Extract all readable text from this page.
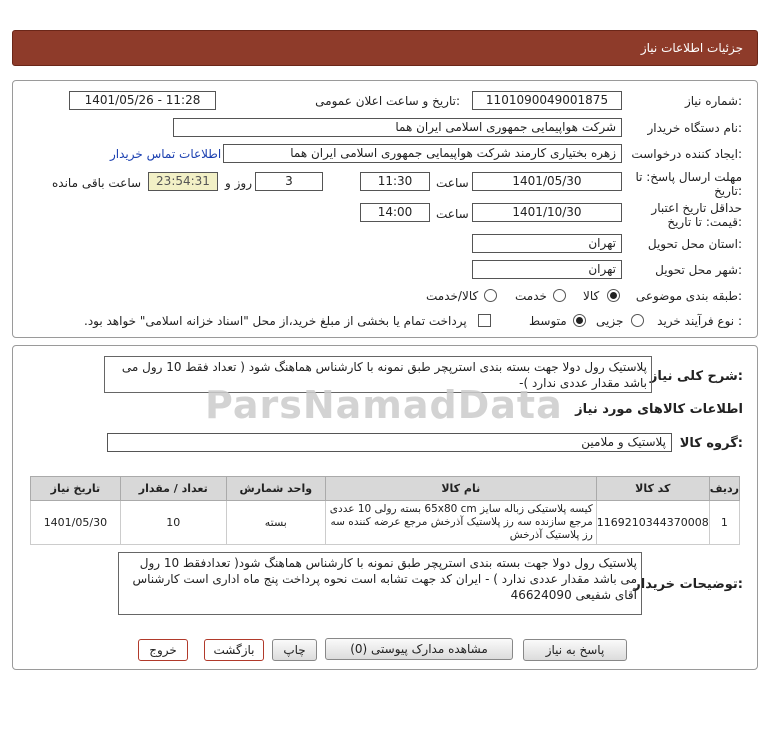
جزئیات اطلاعات نیاز
شماره نیاز:
1101090049001875
تاریخ و ساعت اعلان عمومی:
1401/05/26 - 11:28
نام دستگاه خریدار:
شرکت هواپیمایی جمهوری اسلامی ایران هما
ایجاد کننده درخواست:
زهره بختیاری کارمند شرکت هواپیمایی جمهوری اسلامی ایران هما
اطلاعات تماس خریدار
مهلت ارسال پاسخ: تا
تاریخ:
1401/05/30
ساعت
11:30
3
روز و
23:54:31
ساعت باقی مانده
حداقل تاریخ اعتبار
قیمت: تا تاریخ:
1401/10/30
ساعت
14:00
استان محل تحویل:
تهران
شهر محل تحویل:
تهران
طبقه بندی موضوعی:
کالا
خدمت
کالا/خدمت
نوع فرآیند خرید :
جزیی
متوسط
پرداخت تمام یا بخشی از مبلغ خرید،از محل "اسناد خزانه اسلامی" خواهد بود.
شرح کلی نیاز:
پلاستیک رول دولا جهت بسته بندی استرپچر طبق نمونه با کارشناس هماهنگ شود ( تعداد فقط 10 رول می باشد مقدار عددی ندارد )-
ParsNamadData اطلاعات کالاهای مورد نیاز
گروه کالا:
پلاستیک و ملامین
ردیف	کد کالا	نام کالا	واحد شمارش	تعداد / مقدار	تاریخ نیاز
1	1169210344370008	کیسه پلاستیکی زباله سایز 65x80 cm بسته رولی 10 عددی مرجع سازنده سه رز پلاستیک آذرخش مرجع عرضه کننده سه رز پلاستیک آذرخش	بسته	10	1401/05/30
توضیحات خریدار:
پلاستیک رول دولا جهت بسته بندی استرپچر طبق نمونه با کارشناس هماهنگ شود( تعدادفقط 10 رول می باشد مقدار عددی ندارد ) - ایران کد جهت تشابه است نحوه پرداخت پنج ماه اداری است کارشناس آقای شفیعی 46624090
پاسخ به نیاز
مشاهده مدارک پیوستی (0)
چاپ
بازگشت
خروج
